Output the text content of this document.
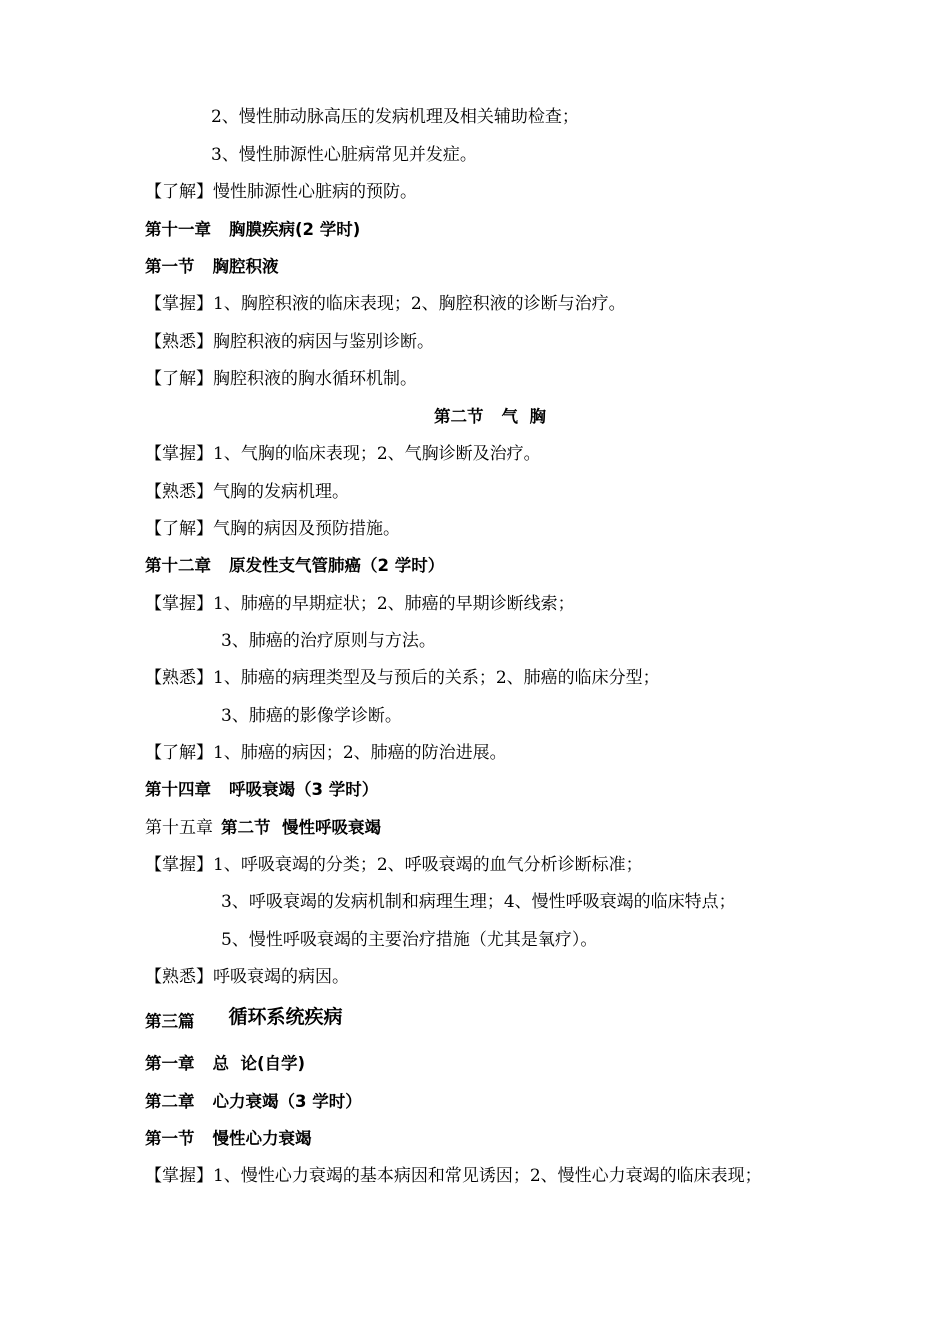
2、慢性肺动脉高压的发病机理及相关辅助检查；
3、慢性肺源性心脏病常见并发症。
【了解】慢性肺源性心脏病的预防。
第十一章 胸膜疾病(2 学时)
第一节 胸腔积液
【掌握】1、胸腔积液的临床表现；2、胸腔积液的诊断与治疗。
【熟悉】胸腔积液的病因与鉴别诊断。
【了解】胸腔积液的胸水循环机制。
第二节 气  胸
【掌握】1、气胸的临床表现；2、气胸诊断及治疗。
【熟悉】气胸的发病机理。
【了解】气胸的病因及预防措施。
第十二章 原发性支气管肺癌（2 学时）
【掌握】1、肺癌的早期症状；2、肺癌的早期诊断线索；
3、肺癌的治疗原则与方法。
【熟悉】1、肺癌的病理类型及与预后的关系；2、肺癌的临床分型；
3、肺癌的影像学诊断。
【了解】1、肺癌的病因；2、肺癌的防治进展。
第十四章 呼吸衰竭（3 学时）
第十五章 第二节  慢性呼吸衰竭
【掌握】1、呼吸衰竭的分类；2、呼吸衰竭的血气分析诊断标准；
3、呼吸衰竭的发病机制和病理生理；4、慢性呼吸衰竭的临床特点；
5、慢性呼吸衰竭的主要治疗措施（尤其是氧疗）。
【熟悉】呼吸衰竭的病因。
第三篇 循环系统疾病
第一章 总  论(自学)
第二章 心力衰竭（3 学时）
第一节 慢性心力衰竭
【掌握】1、慢性心力衰竭的基本病因和常见诱因；2、慢性心力衰竭的临床表现；
